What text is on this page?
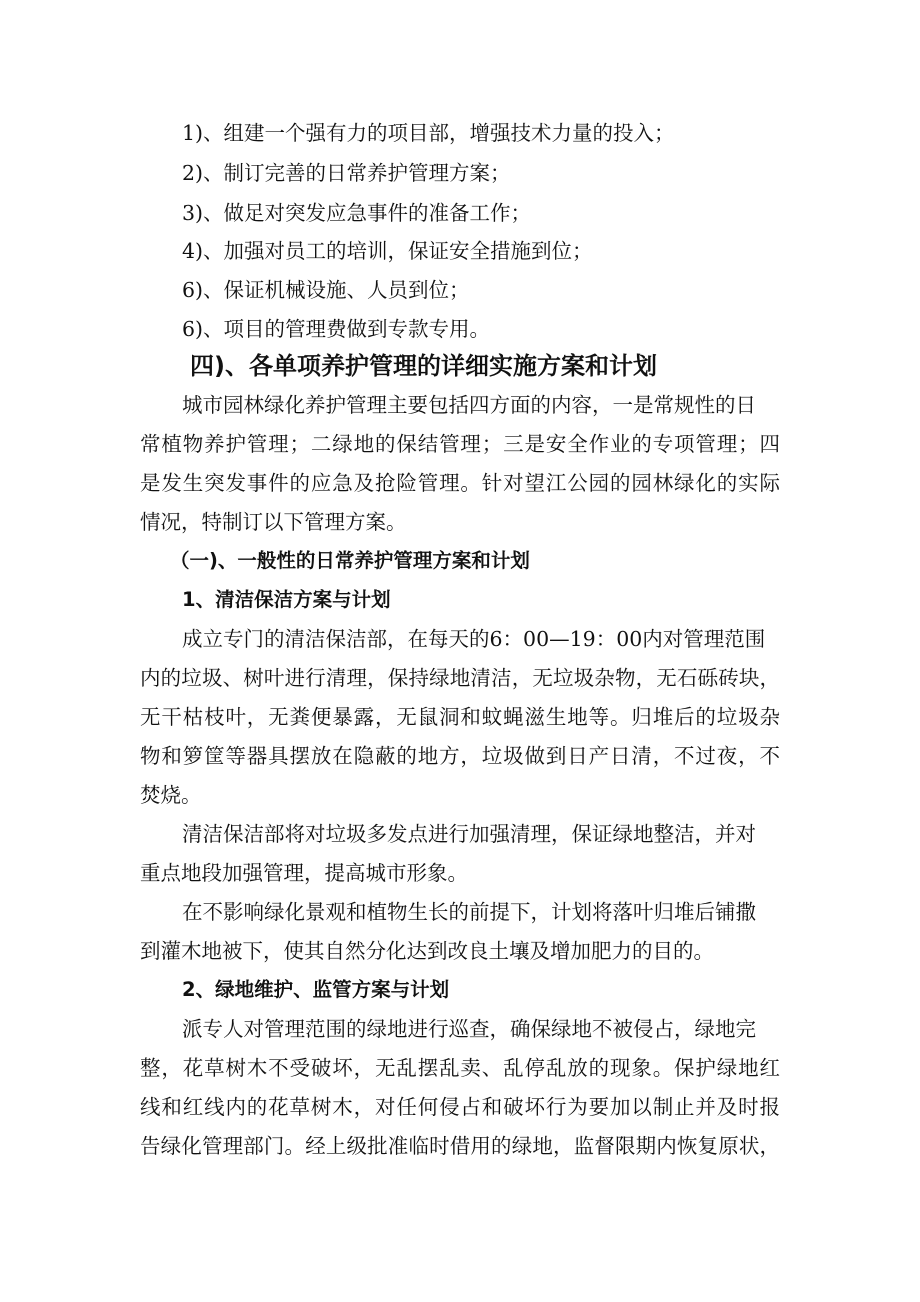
1)、组建一个强有力的项目部，增强技术力量的投入；

2)、制订完善的日常养护管理方案；

3)、做足对突发应急事件的准备工作；

4)、加强对员工的培训，保证安全措施到位；

6)、保证机械设施、人员到位；

6)、项目的管理费做到专款专用。

四)、各单项养护管理的详细实施方案和计划

城市园林绿化养护管理主要包括四方面的内容，一是常规性的日

常植物养护管理；二绿地的保结管理；三是安全作业的专项管理；四

是发生突发事件的应急及抢险管理。针对望江公园的园林绿化的实际

情况，特制订以下管理方案。

（一)、一般性的日常养护管理方案和计划

1、清洁保洁方案与计划

成立专门的清洁保洁部，在每天的6：00—19：00内对管理范围

内的垃圾、树叶进行清理，保持绿地清洁，无垃圾杂物，无石砾砖块，

无干枯枝叶，无粪便暴露，无鼠洞和蚊蝇滋生地等。归堆后的垃圾杂

物和箩筐等器具摆放在隐蔽的地方，垃圾做到日产日清，不过夜，不

焚烧。

清洁保洁部将对垃圾多发点进行加强清理，保证绿地整洁，并对

重点地段加强管理，提高城市形象。

在不影响绿化景观和植物生长的前提下，计划将落叶归堆后铺撒

到灌木地被下，使其自然分化达到改良土壤及增加肥力的目的。

2、绿地维护、监管方案与计划

派专人对管理范围的绿地进行巡查，确保绿地不被侵占，绿地完

整，花草树木不受破坏，无乱摆乱卖、乱停乱放的现象。保护绿地红

线和红线内的花草树木，对任何侵占和破坏行为要加以制止并及时报

告绿化管理部门。经上级批准临时借用的绿地，监督限期内恢复原状，
